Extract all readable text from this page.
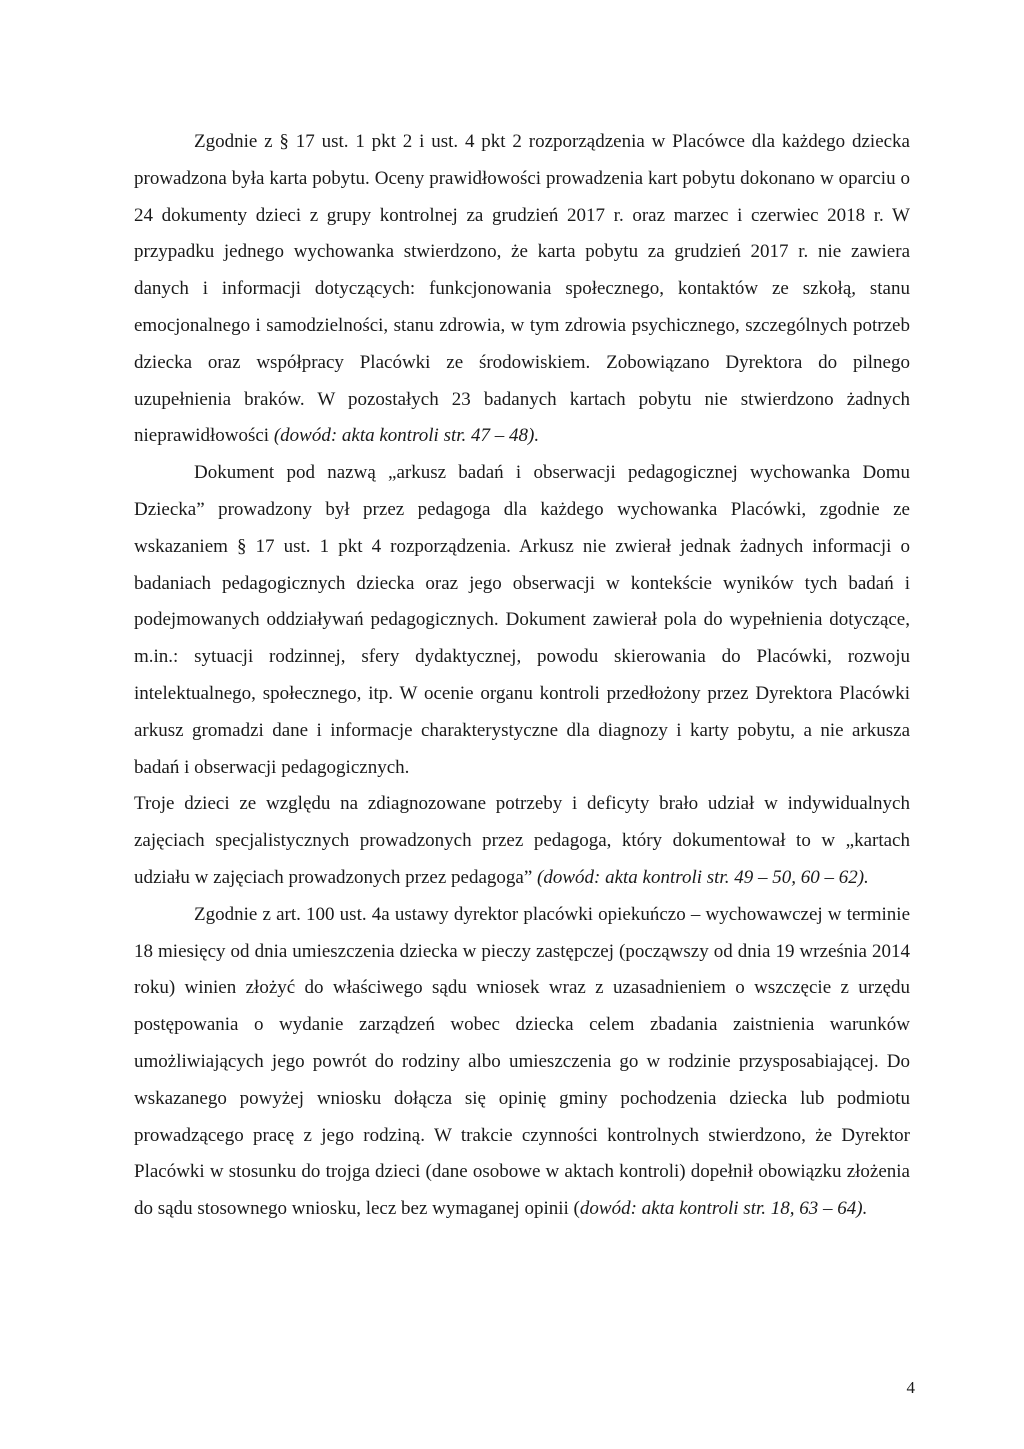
Zgodnie z § 17 ust. 1 pkt 2 i ust. 4 pkt 2 rozporządzenia w Placówce dla każdego dziecka prowadzona była karta pobytu. Oceny prawidłowości prowadzenia kart pobytu dokonano w oparciu o 24 dokumenty dzieci z grupy kontrolnej za grudzień 2017 r. oraz marzec i czerwiec 2018 r. W przypadku jednego wychowanka stwierdzono, że karta pobytu za grudzień 2017 r. nie zawiera danych i informacji dotyczących: funkcjonowania społecznego, kontaktów ze szkołą, stanu emocjonalnego i samodzielności, stanu zdrowia, w tym zdrowia psychicznego, szczególnych potrzeb dziecka oraz współpracy Placówki ze środowiskiem. Zobowiązano Dyrektora do pilnego uzupełnienia braków. W pozostałych 23 badanych kartach pobytu nie stwierdzono żadnych nieprawidłowości (dowód: akta kontroli str. 47 – 48).

Dokument pod nazwą „arkusz badań i obserwacji pedagogicznej wychowanka Domu Dziecka” prowadzony był przez pedagoga dla każdego wychowanka Placówki, zgodnie ze wskazaniem § 17 ust. 1 pkt 4 rozporządzenia. Arkusz nie zwierał jednak żadnych informacji o badaniach pedagogicznych dziecka oraz jego obserwacji w kontekście wyników tych badań i podejmowanych oddziaływań pedagogicznych. Dokument zawierał pola do wypełnienia dotyczące, m.in.: sytuacji rodzinnej, sfery dydaktycznej, powodu skierowania do Placówki, rozwoju intelektualnego, społecznego, itp. W ocenie organu kontroli przedłożony przez Dyrektora Placówki arkusz gromadzi dane i informacje charakterystyczne dla diagnozy i karty pobytu, a nie arkusza badań i obserwacji pedagogicznych.

Troje dzieci ze względu na zdiagnozowane potrzeby i deficyty brało udział w indywidualnych zajęciach specjalistycznych prowadzonych przez pedagoga, który dokumentował to w „kartach udziału w zajęciach prowadzonych przez pedagoga” (dowód: akta kontroli str. 49 – 50, 60 – 62).

Zgodnie z art. 100 ust. 4a ustawy dyrektor placówki opiekuńczo – wychowawczej w terminie 18 miesięcy od dnia umieszczenia dziecka w pieczy zastępczej (począwszy od dnia 19 września 2014 roku) winien złożyć do właściwego sądu wniosek wraz z uzasadnieniem o wszczęcie z urzędu postępowania o wydanie zarządzeń wobec dziecka celem zbadania zaistnienia warunków umożliwiających jego powrót do rodziny albo umieszczenia go w rodzinie przysposabiającej. Do wskazanego powyżej wniosku dołącza się opinię gminy pochodzenia dziecka lub podmiotu prowadzącego pracę z jego rodziną. W trakcie czynności kontrolnych stwierdzono, że Dyrektor Placówki w stosunku do trojga dzieci (dane osobowe w aktach kontroli) dopełnił obowiązku złożenia do sądu stosownego wniosku, lecz bez wymaganej opinii (dowód: akta kontroli str. 18, 63 – 64).

4
